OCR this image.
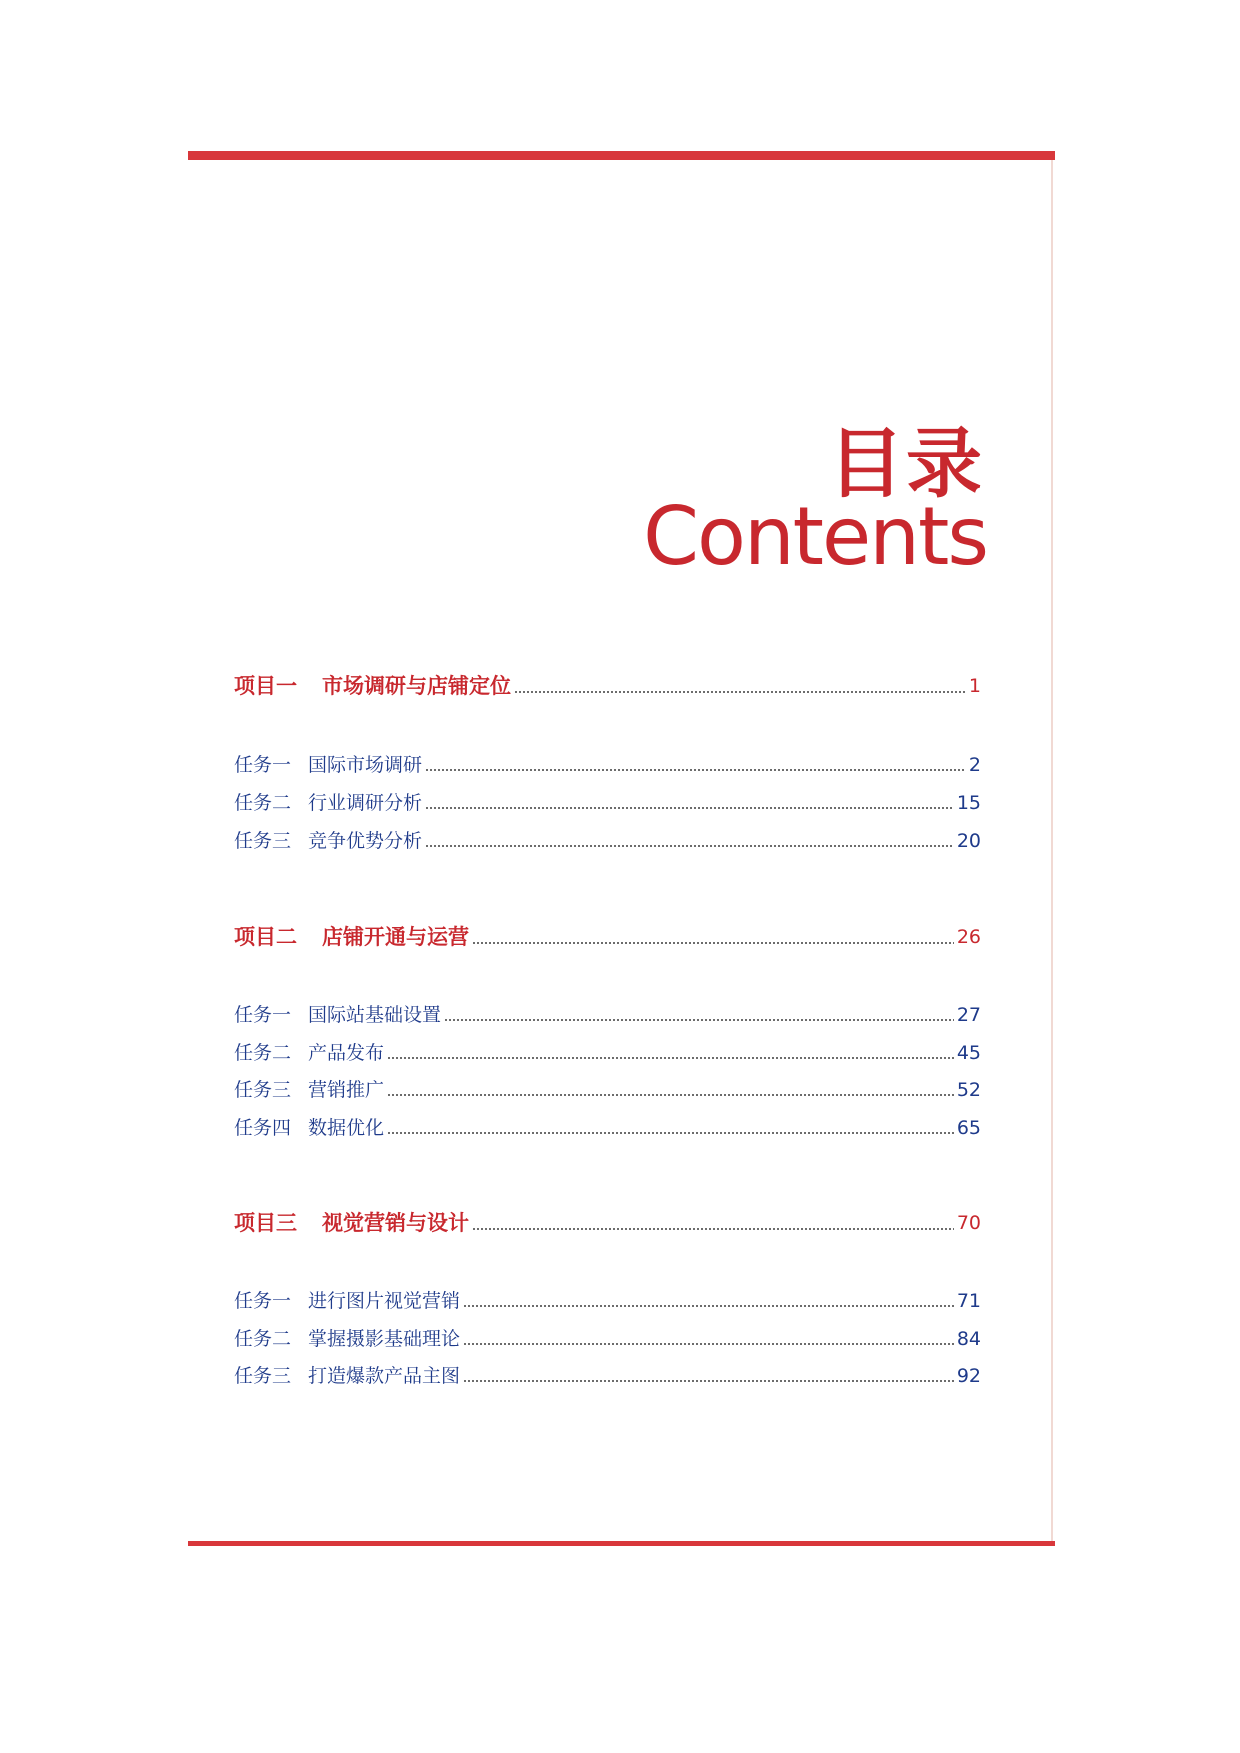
目录
Contents
项目一	市场调研与店铺定位	1
任务一 国际市场调研	2
任务二 行业调研分析	15
任务三 竞争优势分析	20
项目二	店铺开通与运营	26
任务一 国际站基础设置	27
任务二 产品发布	45
任务三 营销推广	52
任务四 数据优化	65
项目三	视觉营销与设计	70
任务一 进行图片视觉营销	71
任务二 掌握摄影基础理论	84
任务三 打造爆款产品主图	92
